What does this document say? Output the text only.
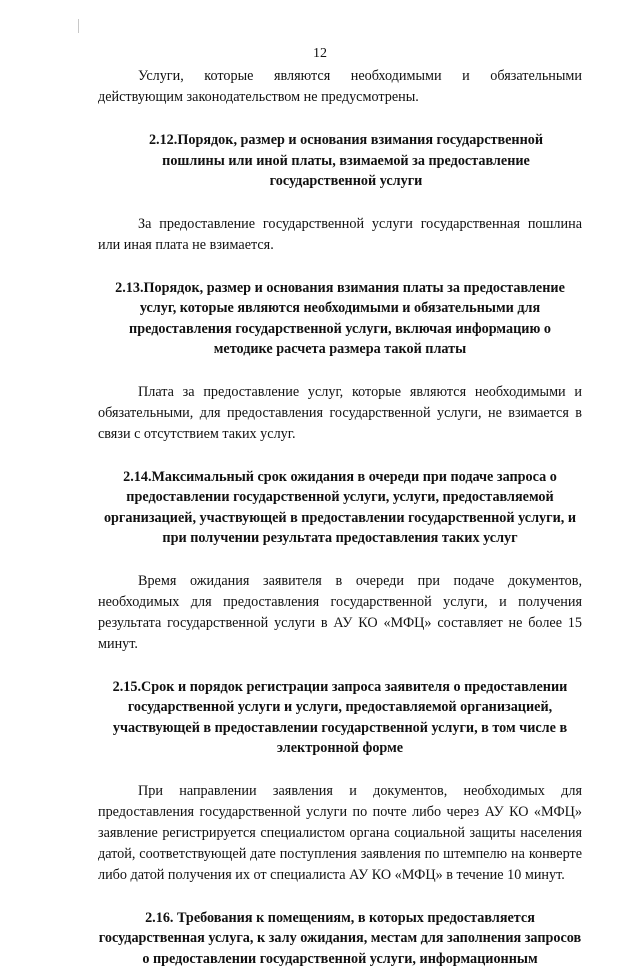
12

Услуги, которые являются необходимыми и обязательными действующим законодательством не предусмотрены.

2.12.Порядок, размер и основания взимания государственной пошлины или иной платы, взимаемой за предоставление государственной услуги

За предоставление государственной услуги государственная пошлина или иная плата не взимается.

2.13.Порядок, размер и основания взимания платы за предоставление услуг, которые являются необходимыми и обязательными для предоставления государственной услуги, включая информацию о методике расчета размера такой платы

Плата за предоставление услуг, которые являются необходимыми и обязательными, для предоставления государственной услуги, не взимается в связи с отсутствием таких услуг.

2.14.Максимальный срок ожидания в очереди при подаче запроса о предоставлении государственной услуги, услуги, предоставляемой организацией, участвующей в предоставлении государственной услуги, и при получении результата предоставления таких услуг

Время ожидания заявителя в очереди при подаче документов, необходимых для предоставления государственной услуги, и получения результата государственной услуги в АУ КО «МФЦ» составляет не более 15 минут.

2.15.Срок и порядок регистрации запроса заявителя о предоставлении государственной услуги и услуги, предоставляемой организацией, участвующей в предоставлении государственной услуги, в том числе в электронной форме

При направлении заявления и документов, необходимых для предоставления государственной услуги по почте либо через АУ КО «МФЦ» заявление регистрируется специалистом органа социальной защиты населения датой, соответствующей дате поступления заявления по штемпелю на конверте либо датой получения их от специалиста АУ КО «МФЦ» в течение 10 минут.

2.16. Требования к помещениям, в которых предоставляется государственная услуга, к залу ожидания, местам для заполнения запросов о предоставлении государственной услуги, информационным
